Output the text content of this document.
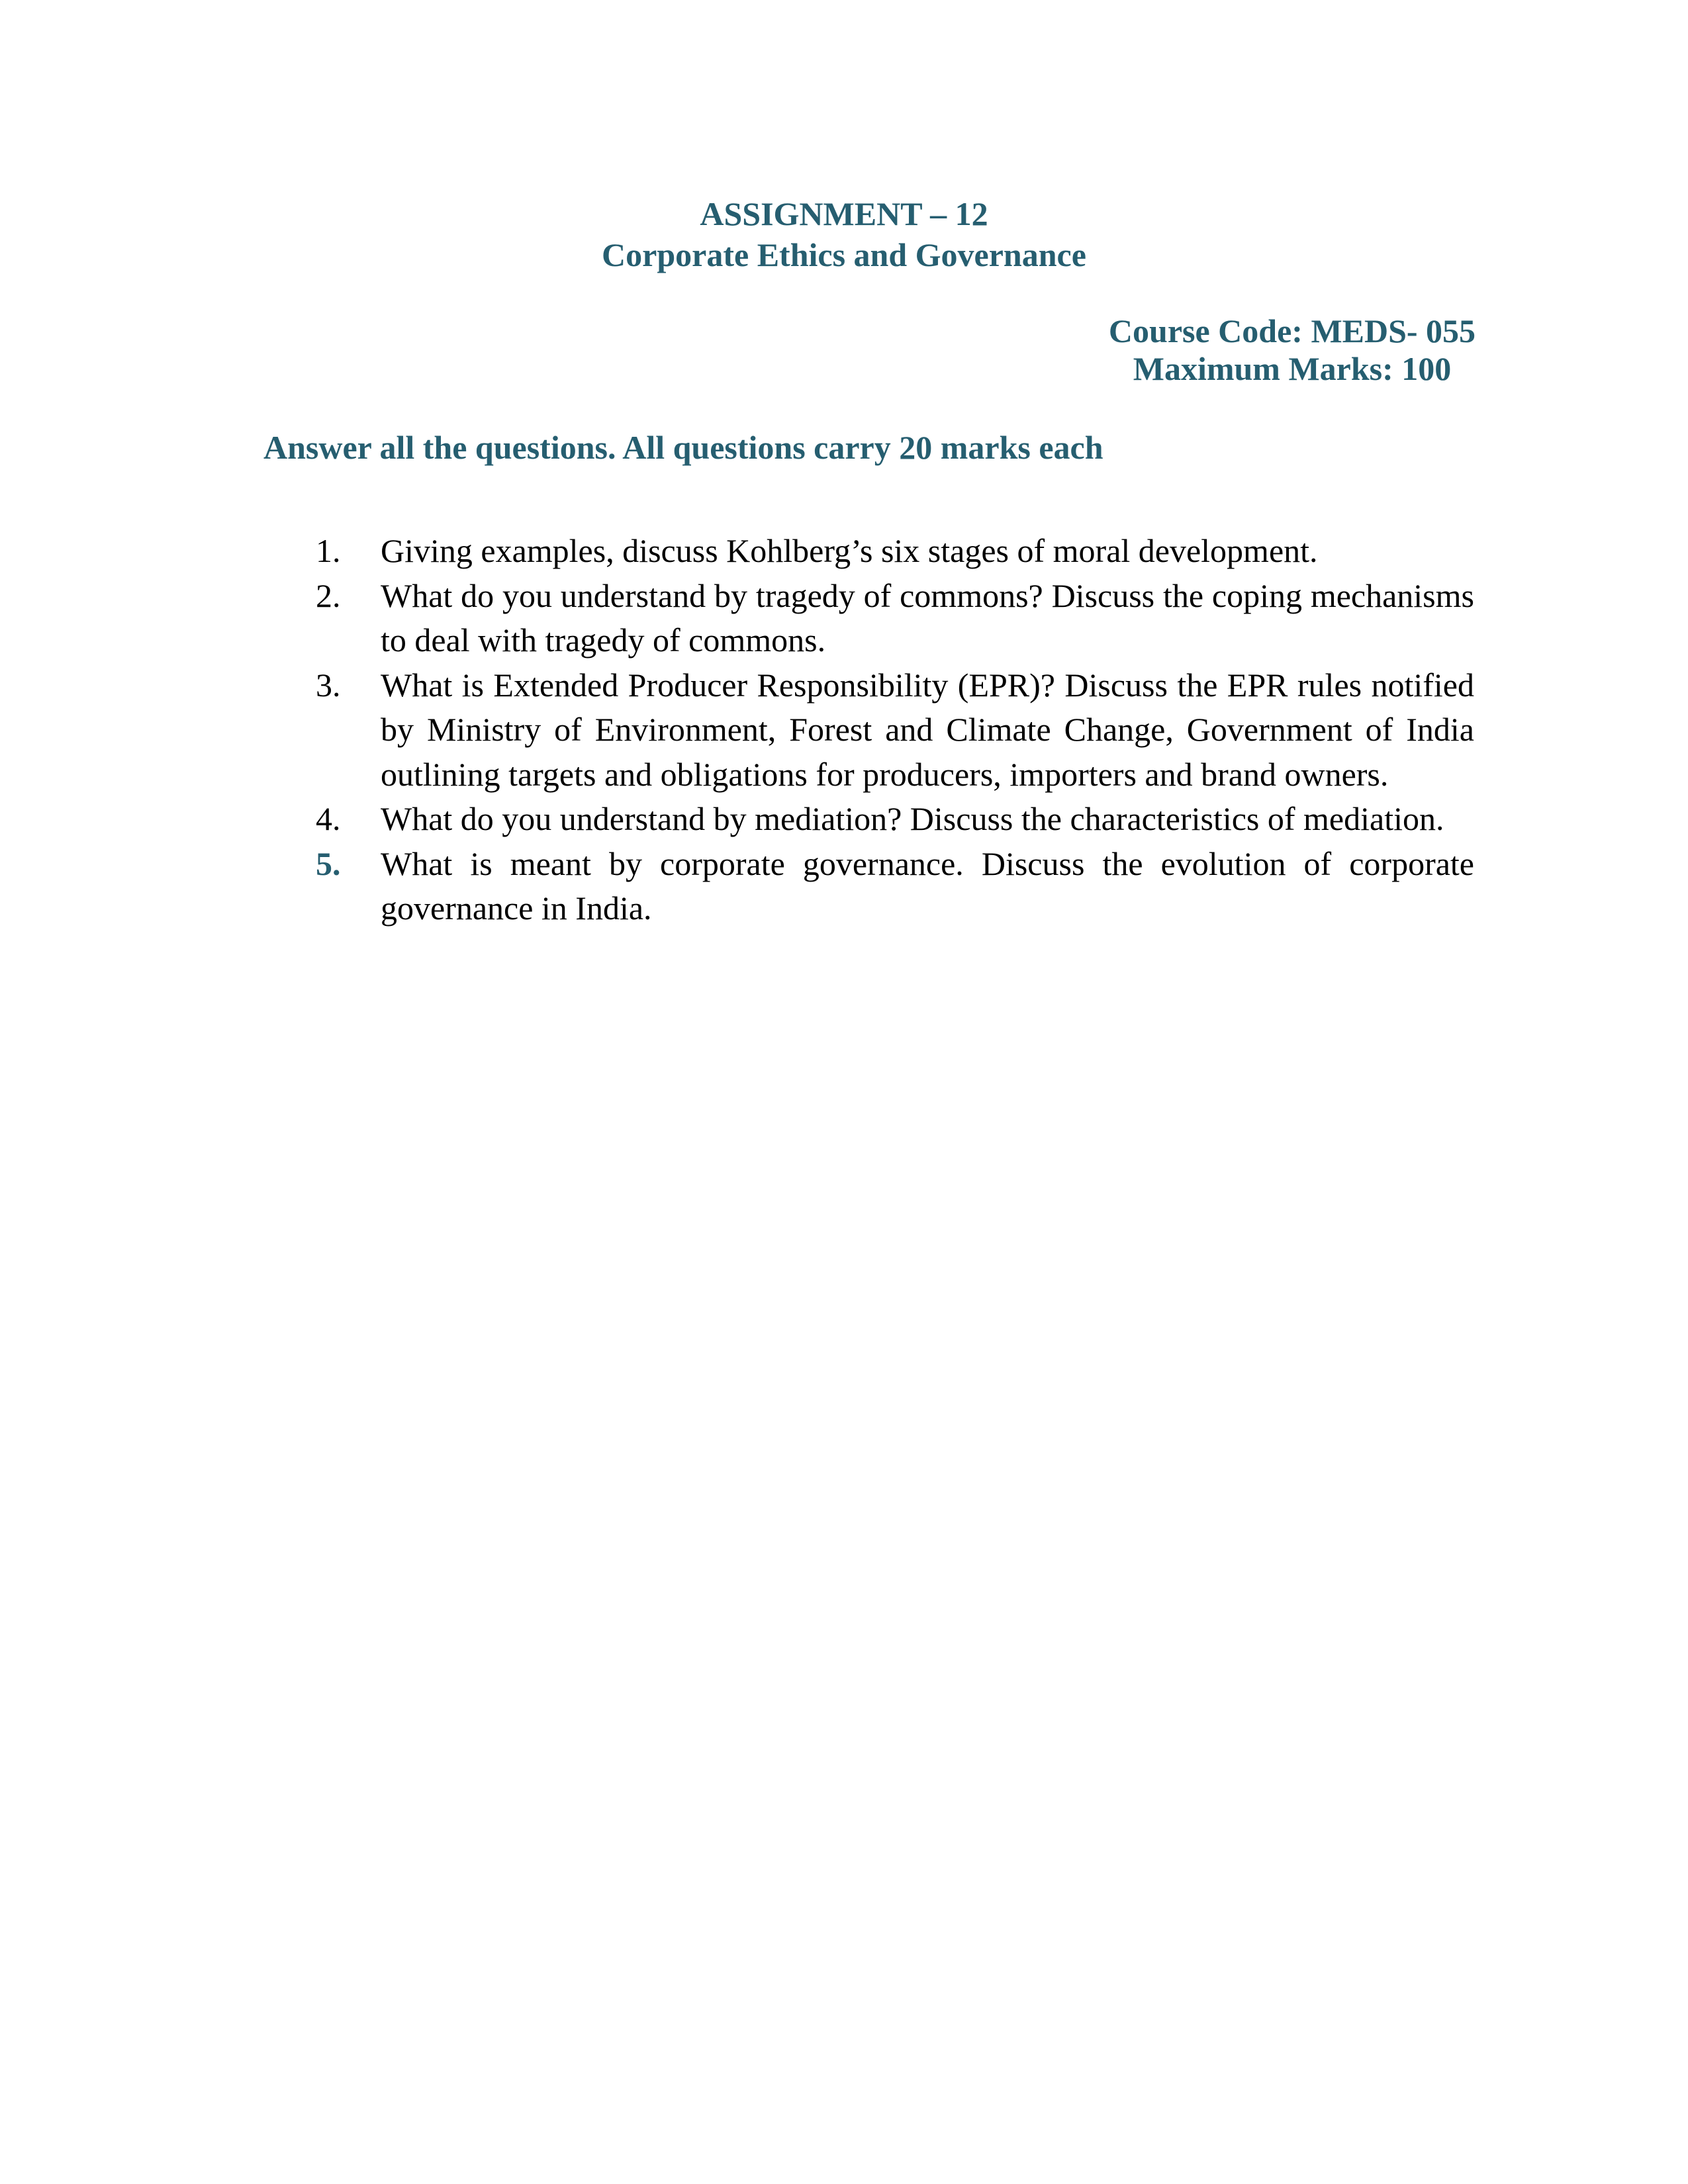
ASSIGNMENT – 12
Corporate Ethics and Governance
Course Code: MEDS- 055
Maximum Marks: 100
Answer all the questions. All questions carry 20 marks each
1.	Giving examples, discuss Kohlberg’s six stages of moral development.
2.	What do you understand by tragedy of commons? Discuss the coping mechanisms
to deal with tragedy of commons.
3.	What is Extended Producer Responsibility (EPR)? Discuss the EPR rules notified
by Ministry of Environment, Forest and Climate Change, Government of India
outlining targets and obligations for producers, importers and brand owners.
4.	What do you understand by mediation? Discuss the characteristics of mediation.
5.	What is meant by corporate governance. Discuss the evolution of corporate
governance in India.
